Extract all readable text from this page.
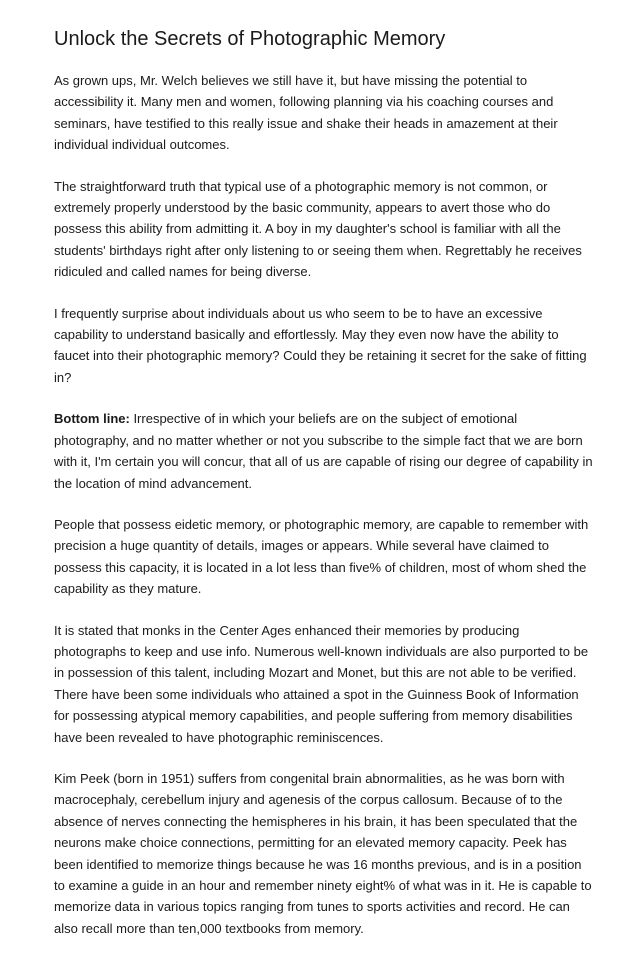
Unlock the Secrets of Photographic Memory

As grown ups, Mr. Welch believes we still have it, but have missing the potential to accessibility it. Many men and women, following planning via his coaching courses and seminars, have testified to this really issue and shake their heads in amazement at their individual individual outcomes.

The straightforward truth that typical use of a photographic memory is not common, or extremely properly understood by the basic community, appears to avert those who do possess this ability from admitting it. A boy in my daughter's school is familiar with all the students' birthdays right after only listening to or seeing them when. Regrettably he receives ridiculed and called names for being diverse.

I frequently surprise about individuals about us who seem to be to have an excessive capability to understand basically and effortlessly. May they even now have the ability to faucet into their photographic memory? Could they be retaining it secret for the sake of fitting in?

Bottom line: Irrespective of in which your beliefs are on the subject of emotional photography, and no matter whether or not you subscribe to the simple fact that we are born with it, I'm certain you will concur, that all of us are capable of rising our degree of capability in the location of mind advancement.

People that possess eidetic memory, or photographic memory, are capable to remember with precision a huge quantity of details, images or appears. While several have claimed to possess this capacity, it is located in a lot less than five% of children, most of whom shed the capability as they mature.

It is stated that monks in the Center Ages enhanced their memories by producing photographs to keep and use info. Numerous well-known individuals are also purported to be in possession of this talent, including Mozart and Monet, but this are not able to be verified. There have been some individuals who attained a spot in the Guinness Book of Information for possessing atypical memory capabilities, and people suffering from memory disabilities have been revealed to have photographic reminiscences.

Kim Peek (born in 1951) suffers from congenital brain abnormalities, as he was born with macrocephaly, cerebellum injury and agenesis of the corpus callosum. Because of to the absence of nerves connecting the hemispheres in his brain, it has been speculated that the neurons make choice connections, permitting for an elevated memory capacity. Peek has been identified to memorize things because he was 16 months previous, and is in a position to examine a guide in an hour and remember ninety eight% of what was in it. He is capable to memorize data in various topics ranging from tunes to sports activities and record. He can also recall more than ten,000 textbooks from memory.
